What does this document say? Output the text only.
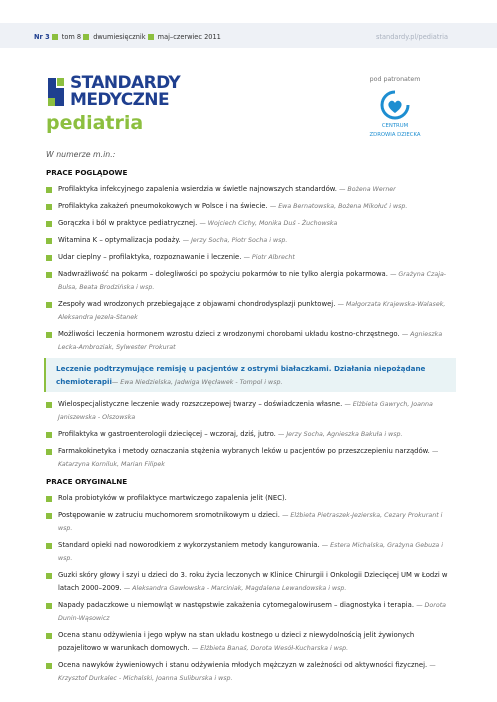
Nr 3 tom 8 dwumiesięcznik maj–czerwiec 2011	standardy.pl/pediatria
STANDARDY
MEDYCZNE
pediatria
pod patronatem
CENTRUM
ZDROWIA DZIECKA
W numerze m.in.:
PRACE POGLĄDOWE
Profilaktyka infekcyjnego zapalenia wsierdzia w świetle najnowszych standardów. — Bożena Werner
Profilaktyka zakażeń pneumokokowych w Polsce i na świecie. — Ewa Bernatowska, Bożena Mikołuć i wsp.
Gorączka i ból w praktyce pediatrycznej. — Wojciech Cichy, Monika Duś - Żuchowska
Witamina K – optymalizacja podaży. — Jerzy Socha, Piotr Socha i wsp.
Udar cieplny – profilaktyka, rozpoznawanie i leczenie. — Piotr Albrecht
Nadwrażliwość na pokarm – dolegliwości po spożyciu pokarmów to nie tylko alergia pokarmowa. — Grażyna Czaja-Bulsa, Beata Brodzińska i wsp.
Zespoły wad wrodzonych przebiegające z objawami chondrodysplazji punktowej. — Małgorzata Krajewska-Walasek, Aleksandra Jezela-Stanek
Możliwości leczenia hormonem wzrostu dzieci z wrodzonymi chorobami układu kostno-chrzęstnego. — Agnieszka Lecka-Ambroziak, Sylwester Prokurat
Leczenie podtrzymujące remisję u pacjentów z ostrymi białaczkami. Działania niepożądane chemioterapii— Ewa Niedzielska, Jadwiga Węcławek - Tompol i wsp.
Wielospecjalistyczne leczenie wady rozszczepowej twarzy – doświadczenia własne. — Elżbieta Gawrych, Joanna Janiszewska - Olszowska
Profilaktyka w gastroenterologii dziecięcej – wczoraj, dziś, jutro. — Jerzy Socha, Agnieszka Bakuła i wsp.
Farmakokinetyka i metody oznaczania stężenia wybranych leków u pacjentów po przeszczepieniu narządów. — Katarzyna Korniluk, Marian Filipek
PRACE ORYGINALNE
Rola probiotyków w profilaktyce martwiczego zapalenia jelit (NEC).
Postępowanie w zatruciu muchomorem sromotnikowym u dzieci. — Elżbieta Pietraszek-Jezierska, Cezary Prokurant i wsp.
Standard opieki nad noworodkiem z wykorzystaniem metody kangurowania. — Estera Michalska, Grażyna Gebuza i wsp.
Guzki skóry głowy i szyi u dzieci do 3. roku życia leczonych w Klinice Chirurgii i Onkologii Dziecięcej UM w Łodzi w latach 2000–2009. — Aleksandra Gawłowska - Marciniak, Magdalena Lewandowska i wsp.
Napady padaczkowe u niemowląt w następstwie zakażenia cytomegalowirusem – diagnostyka i terapia. — Dorota Dunin-Wąsowicz
Ocena stanu odżywienia i jego wpływ na stan układu kostnego u dzieci z niewydolnością jelit żywionych pozajelitowo w warunkach domowych. — Elżbieta Banaś, Dorota Wesół-Kucharska i wsp.
Ocena nawyków żywieniowych i stanu odżywienia młodych mężczyzn w zależności od aktywności fizycznej. — Krzysztof Durkalec - Michalski, Joanna Suliburska i wsp.
